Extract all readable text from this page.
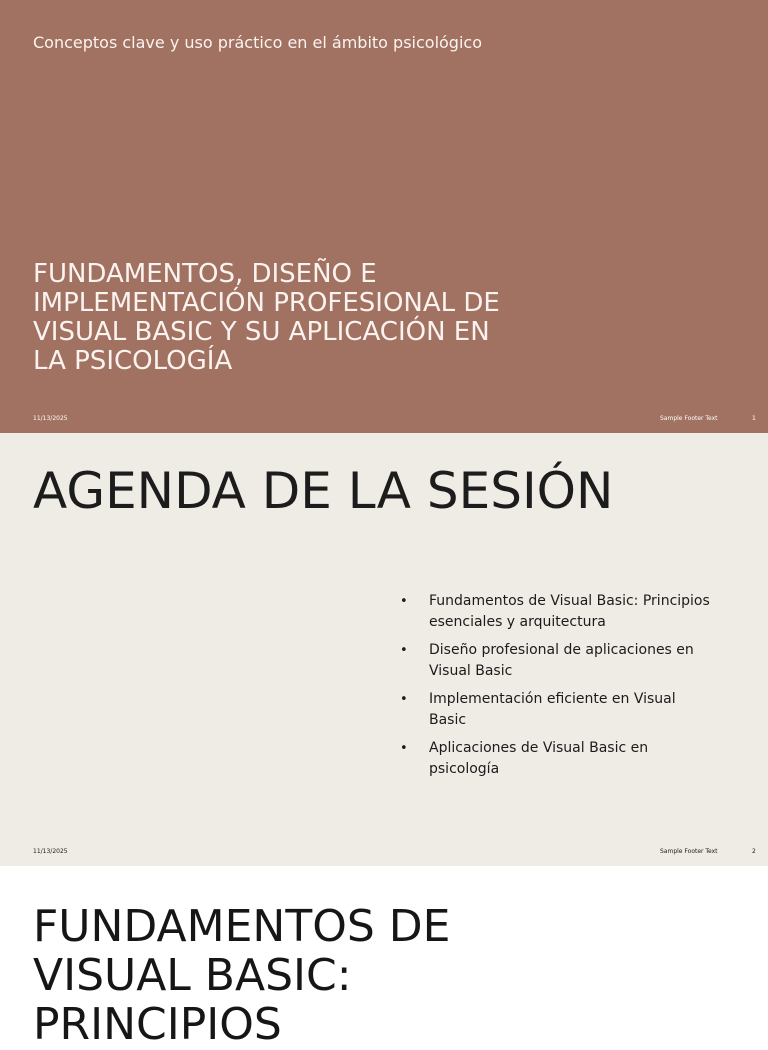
Conceptos clave y uso práctico en el ámbito psicológico
FUNDAMENTOS, DISEÑO E IMPLEMENTACIÓN PROFESIONAL DE VISUAL BASIC Y SU APLICACIÓN EN LA PSICOLOGÍA
11/13/2025	Sample Footer Text	1
AGENDA DE LA SESIÓN
• Fundamentos de Visual Basic: Principios esenciales y arquitectura
• Diseño profesional de aplicaciones en Visual Basic
• Implementación eficiente en Visual Basic
• Aplicaciones de Visual Basic en psicología
11/13/2025	Sample Footer Text	2
FUNDAMENTOS DE VISUAL BASIC: PRINCIPIOS
